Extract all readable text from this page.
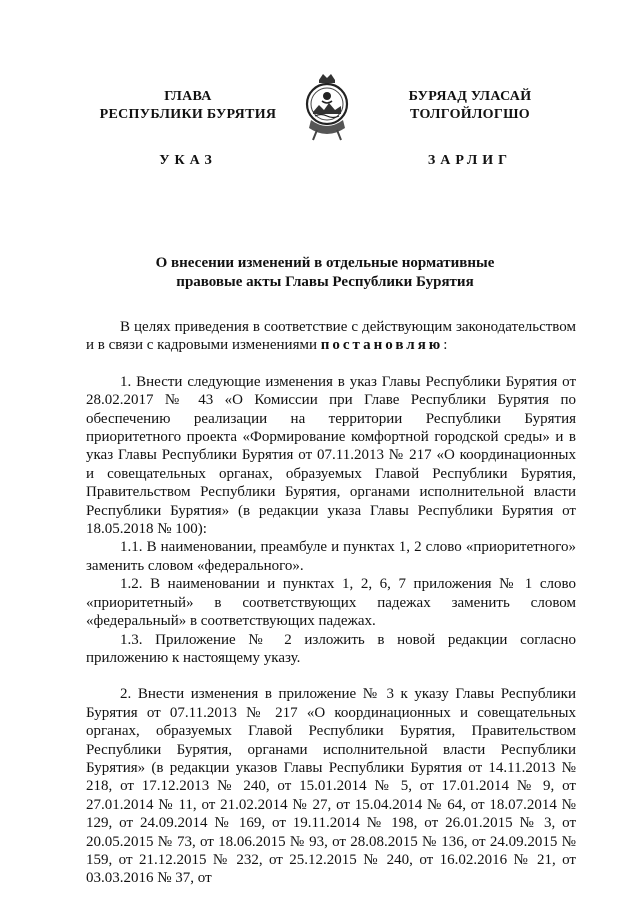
ГЛАВА
РЕСПУБЛИКИ БУРЯТИЯ
УКАЗ
БУРЯАД УЛАСАЙ
ТОЛГОЙЛОГШО
ЗАРЛИГ
О внесении изменений в отдельные нормативные
правовые акты Главы Республики Бурятия

В целях приведения в соответствие с действующим законодательством и в связи с кадровыми изменениями постановляю:

1. Внести следующие изменения в указ Главы Республики Бурятия от 28.02.2017 № 43 «О Комиссии при Главе Республики Бурятия по обеспечению реализации на территории Республики Бурятия приоритетного проекта «Формирование комфортной городской среды» и в указ Главы Республики Бурятия от 07.11.2013 № 217 «О координационных и совещательных органах, образуемых Главой Республики Бурятия, Правительством Республики Бурятия, органами исполнительной власти Республики Бурятия» (в редакции указа Главы Республики Бурятия от 18.05.2018 № 100):

1.1. В наименовании, преамбуле и пунктах 1, 2 слово «приоритетного» заменить словом «федерального».

1.2. В наименовании и пунктах 1, 2, 6, 7 приложения № 1 слово «приоритетный» в соответствующих падежах заменить словом «федеральный» в соответствующих падежах.

1.3. Приложение № 2 изложить в новой редакции согласно приложению к настоящему указу.

2. Внести изменения в приложение № 3 к указу Главы Республики Бурятия от 07.11.2013 № 217 «О координационных и совещательных органах, образуемых Главой Республики Бурятия, Правительством Республики Бурятия, органами исполнительной власти Республики Бурятия» (в редакции указов Главы Республики Бурятия от 14.11.2013 № 218, от 17.12.2013 № 240, от 15.01.2014 № 5, от 17.01.2014 № 9, от 27.01.2014 № 11, от 21.02.2014 № 27, от 15.04.2014 № 64, от 18.07.2014 № 129, от 24.09.2014 № 169, от 19.11.2014 № 198, от 26.01.2015 № 3, от 20.05.2015 № 73, от 18.06.2015 № 93, от 28.08.2015 № 136, от 24.09.2015 № 159, от 21.12.2015 № 232, от 25.12.2015 № 240, от 16.02.2016 № 21, от 03.03.2016 № 37, от
